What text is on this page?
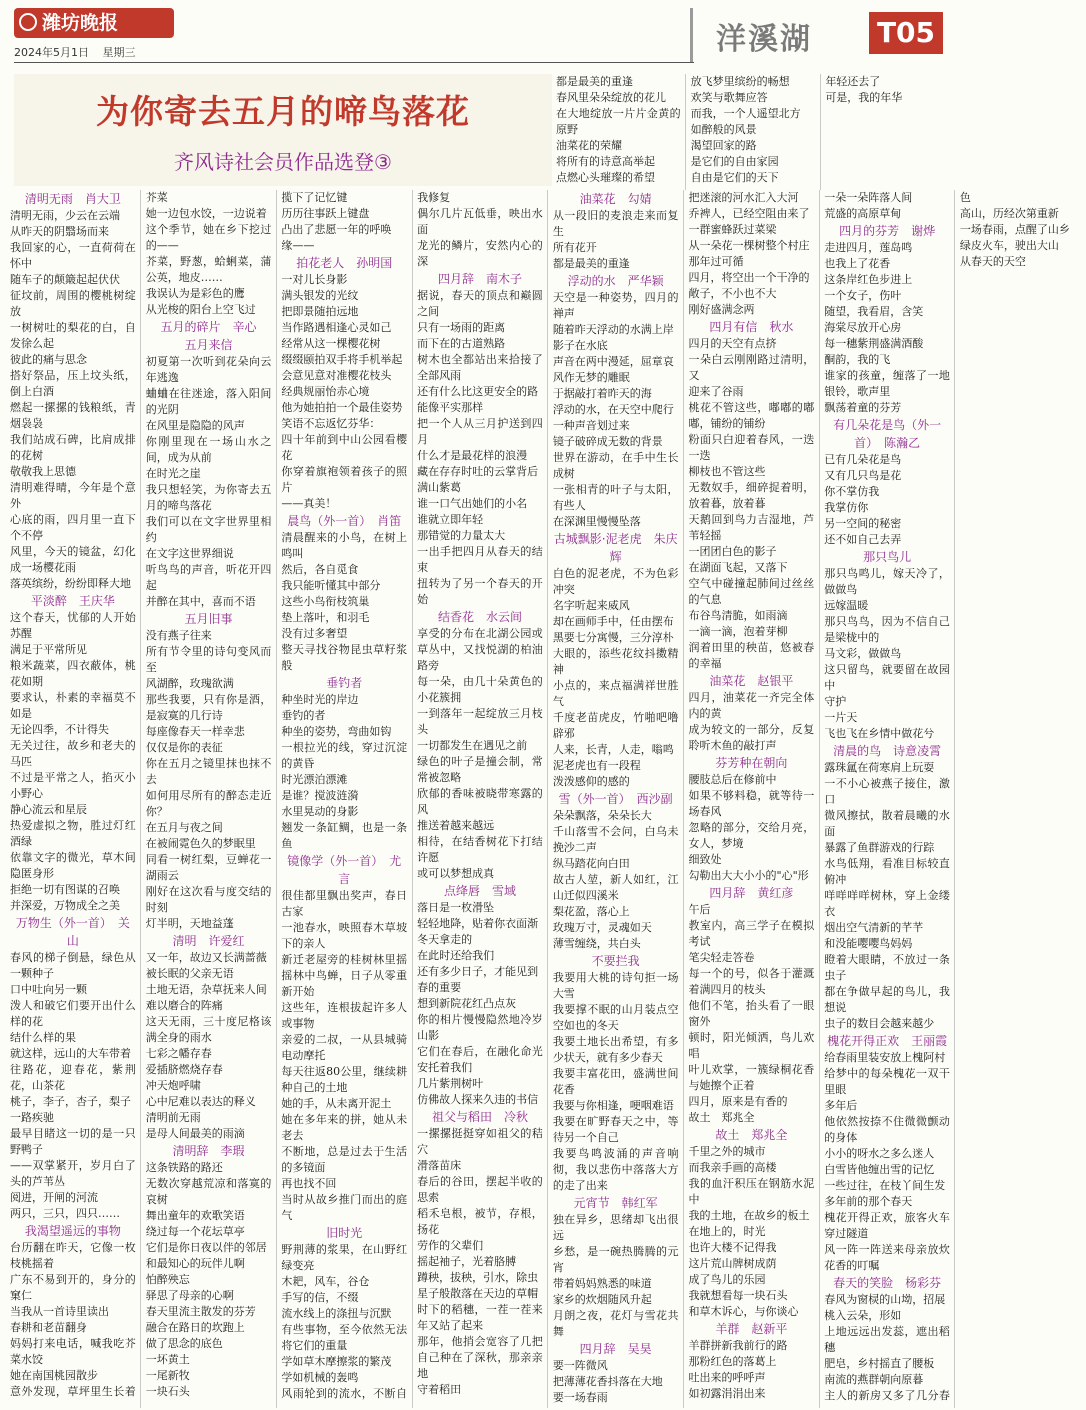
潍坊晚报
2024年5月1日 星期三	洋溪湖 T05
为你寄去五月的啼鸟落花
齐风诗社会员作品选登③

都是最美的重逢
春风里朵朵绽放的花儿
在大地绽放一片片金黄的原野
油菜花的荣耀
将所有的诗意高举起
点燃心头璀璨的希望
放飞梦里缤纷的畅想
欢笑与歌舞应答
而我，一个人遥望北方
如醉般的风景
渴望回家的路
是它们的自由家园
自由是它们的天下
年轻还去了
可是，我的年华

清明无雨　肖大卫

清明无雨，少云在云端
从昨天的阴翳场而来
我回家的心，一直荷荷在怀中
随车子的颠簸起起伏伏
征坟前，周围的樱桃树绽放
一树树吐的梨花的白，自发徐么起
彼此的痛与思念
搭好祭品，压上坟头纸，倒上白酒
燃起一摞摞的钱粮纸，青烟袅袅
我们站成石碑，比肩成排的花树
敬敬我上思德
清明难得晴，今年是个意外
心底的雨，四月里一直下个不停
风里，今天的镜盆，幻化成一场樱花雨
落英缤纷，纷纷即释大地

平淡醉　王庆华

这个春天，忧郁的人开始苏醒
满足于平常所见
粮米蔬菜，四衣蔽体，桃花如期
要求认，朴素的幸福莫不如是
无论四季，不计得失
无关过往，故乡和老夫的马匹
不过是平常之人，掐灭小小野心
静心流云和星辰
热爱虚拟之物，胜过灯红酒绿
依靠文字的微光，草木间隐匿身形
拒绝一切有图谋的召唤
并深爱，万物成全之美

万物生（外一首）　关山

春风的梯子倒悬，绿色从一颗种子
口中吐向另一颗
泼人和破它们要开出什么样的花
结什么样的果
就这样，远山的大车带着
往路花，迎春花，紫荆花，山茶花
桃子，李子，杏子，梨子
一路疾驰
最早目睹这一切的是一只野鸭子
——双掌紧开，岁月白了头的芦苇丛
阅进，开闸的河流
两只，三只，四只……

我渴望遥远的事物

台历翻在昨天，它像一枚枝桃摇着
广东不易到开的，身分的窠仁
当我从一首诗里读出
春耕和老苗翻身
妈妈打来电话，喊我吃芥菜水饺
她在南国桃园散步
意外发现，草坪里生长着芥菜
她一边包水饺，一边说着
这个季节，她在乡下挖过的——
芥菜，野葱，蛤蜊菜，蒲公英，地皮……
我误认为是彩色的鹰
从光梭的阳台上空飞过

五月的碎片　辛心
五月来信

初夏第一次听到花朵向云年逃逸
蛐蛐在往迷途，落入阳间的光阴
在风里是隐隐的风声
你刚里现在一场山水之间，成为从前
在时光之崖
我只想轻笑，为你寄去五月的啼鸟落花
我们可以在文字世界里相约
在文字这世界细说
听鸟鸟的声音，听花开四起
并醉在其中，喜而不语

五月旧事

没有燕子往来
所有节令里的诗句变风而至
风湖醉，玫瑰欲满
那些我要，只有你是酒，是寂寞的几行诗
每座像春天一样幸悲
仅仅是你的表征
你在五月之镜里抹也抹不去
如何用尽所有的醉态走近你？
在五月与夜之间
在被闹霓色久的梦眠里
同看一树红梨，豆蝉花一湖雨云
刚好在这次看与度交结的时刻
灯半明，天地益蓬

清明　许爱红

又一年，故边又长满蔷薇
被长眠的父亲无语
土地无语，杂草抚来人间
难以磨合的阵痛
这天无雨，三十度尼格该满全身的雨水
七彩之幡存春
爱插脐燃烧存春
冲天炮呼啸
心中尼难以表达的释义
清明前无雨
是母人间最美的雨滴

清明辞　李瑕

这条铁路的路还
无数次穿越荒凉和落寞的哀树
舞出童年的欢歌笑语
绕过每一个花坛草亭
它们是你日夜以伴的邻居
和最知心的玩伴儿啊
怕醉殃忘
驿思了母亲的心啊
春天里流主散发的芬芳
融合在路日的坎跑上
做了思念的底色
一坏黄土
一尾新牧
一块石头
揽下了记忆键
历历往事跃上键盘
凸出了悲愿一年的呼唤
缘——

拍花老人　孙明国

一对儿长身影
满头银发的光纹
把即景随拍远地
当作路遇相逢心灵如己
经常从这一棵樱花树
缀缀颐拍双手将手机举起
会意见意对准樱花枝头
经典规丽怡赤心境
他为她拍拍一个最佳姿势
笑语不忘返忆芬华：
四十年前到中山公园看樱花
你穿着旗袍领着孩子的照片
——真美！

晨鸟（外一首）　肖笛

清晨醒来的小鸟，在树上鸣叫
然后，各自觅食
我只能听懂其中部分
这些小鸟衔枝筑巢
垫上落叶，和羽毛
没有过多奢望
整天寻找谷物昆虫草籽浆般

垂钓者

种坐时光的岸边
垂钓的者
种坐的姿势，弯曲如钩
一根拉光的线，穿过沉淀的黄昏
时光漂泊漂滩
是谁？搅波涟漪
水里晃动的身影
翘发一条缸鲷，也是一条鱼

镜像学（外一首）　尤言

很佳都里飘出奖声，春日古家
一池春水，映照春木草坡下的亲人
新迁老屋旁的桂树林里摇摇林中鸟蝉，日子从零重新开始
这些年，连根拔起许多人或事物
亲爱的二叔，一从县城骑电动摩托
每天往返80公里，继续耕种自己的土地
她的手，从未离开泥土
她在多年来的拼，她从未老去
不断地，总是过去于生活的多镜面
再也找不回
当时从故乡推门而出的庭气

旧时光

野荆薄的浆果，在山野红绿变亮
木耙，风车，谷仓
手写的信，不缀
流水线上的涤扭与沉默
有些事物，至今依然无法将它们的重量
学如草木摩擦浆的繁茂
学如机械的轰鸣
风雨轮到的流水，不断自我修复
偶尔几片瓦低垂，映出水面
龙光的鳞片，安然内心的深

四月辞　南木子

据说，春天的顶点和巅圆之间
只有一场雨的距离
而下在的古道熟路
树木也全都站出来拾接了全部风雨
还有什么比这更安全的路
能像平实那样
把一个人从三月护送到四月
什么才是最花样的浪漫
藏在存存时吐的云掌背后
满山紫葛
谁一口气出她们的小名
谁就立即年轻
那错觉的力量太大
一出手把四月从春天的结束
扭转为了另一个春天的开始

结香花　水云间

享受的分布在北湖公园或草丛中，又找悦湖的柏油路旁
每一朵，由几十朵黄色的小花簇拥
一到落年一起绽放三月枝头
一切都发生在遇见之前
绿色的叶子是撞会制，常常被忽略
欣郁的香味被晓带寒露的风
推送着越来越远
相待，在结香树花下打结许愿
或可以梦想成真

点绛唇　雪域

落日是一枚滑坠
轻轻地降，贴着你衣面渐
冬天拿走的
在此时还给我们
还有多少日子，才能见到
春的重要
想到新院花红凸点灰
你的相片慢慢隐然地冷岁山影
它们在春后，在融化命光安托着我们
几片紫荆树叶
仿佛故人探来久违的书信

祖父与稻田　冷秋

一摞摞挺挺穿如祖父的秸穴
滑落苗床
春后的谷田，摆起半收的思索
稻禾皂根，被节，存根，扬花
劳作的父辈们
摇起袖子，光着胳膊
蹲秧，拔秧，引水，除虫
星子般散落在天边的草帽
时下的稻穗，一茬一茬来年又站了起来
那年，他捎会宽容了几把自己种在了深秋，那亲亲地
守着稻田

油菜花　勾婧

从一段旧的麦浪走来而复生
所有花开
都是最美的重逢

浮动的水　严华颖

天空是一种姿势，四月的禅声
随着昨天浮动的水满上岸
影子在水底
声音在两中漫延，屈章哀
风作无梦的雕眠
于据敲打着昨天的海
浮动的水，在天空中爬行
一种声音划过来
镜子破碎成无数的背景
世界在游动，在手中生长成树
一张相青的叶子与太阳，有些人
在深渊里慢慢坠落

古城飘影·泥老虎　朱庆辉

白色的泥老虎，不为色彩冲突
名字听起来威风
却在画师手中，任由摆布
黑要七分寓慢，三分淳朴
大眼的，添些花纹抖擞精神
小点的，来点福满祥世胜气
千度老苗虎皮，竹啪吧噜辟邪
人来，长青，人走，嗡鸣
泥老虎也有一段程
泼泼感仰的感的

雪（外一首）　西沙副

朵朵飘落，朵朵长大
千山落雪不会问，白乌未挽沙二声
纵马踏花向白田
故古人堃，新人如红，江山迁似四溪米
梨花盈，落心上
玫瑰万寸，灵魂如天
薄雪缠绕，共白头

不要拦我

我要用大桃的诗句拒一场大雪
我要撑不眠的山月装点空空如也的冬天
我要土地长出希望，有多少状天，就有多少春天
我要丰富花田，盛满世间花香
我要与你相逢，哽咽难语
我要在旷野春天之中，等待另一个自己
我要鸟鸣波涌的声音响彻，我以悲伤中落落大方的走了出来

元宵节　韩红军

独在异乡，思绪却飞出很远
乡愁，是一碗热腾腾的元宵
带着妈妈熟悉的味道
家乡的炊烟随风升起
月朗之夜，花灯与雪花共舞

四月辞　吴昊

要一阵微风
把薄薄花香抖落在大地
要一场春雨
把迷滚的河水汇入大河
乔裨人，已经空阻由来了
一群蜜蜂跃过菜梁
从一朵花一棵树整个村庄
那年过可循
四月，将空出一个干净的
敞子，不小也不大
刚好盛满念两

四月有信　秋水

四月的天空有点挤
一朵白云刚刚路过清明，又
迎来了谷雨
桃花不管这些，嘟嘟的嘟嘟，铺纷的铺纷
粉面只白迎着春风，一迭一迭
柳枝也不管这些
无数奴手，细碎捉着明，放着暮，放着暮
天鹅回到鸟力吉湿地，芦苇轻摇
一团团白色的影子
在湖面飞起，又落下
空气中碰撞起肺间过丝丝的气息
布谷鸟清脆，如雨滴
一滴一滴，泡着芽柳
润着田里的秧苗，悠被春的幸福

油菜花　赵银平

四月，油菜花一齐完全体内的黄
成为较文的一部分，反复聆听木鱼的敲打声

芬芳种在朝向

腰肢总后在修前中
如果不够料稳，就等待一场春风
忽略的部分，交给月亮，女人，梦境
细致处
勾勒出大大小小的"心"形

四月辞　黄红彦

午后
教室内，高三学子在模拟考试
笔尖轻走答卷
每一个的号，似各于灌溉着满四月的枝头
他们不笔，抬头看了一眼窗外
顿时，阳光倾洒，鸟儿欢唱
叶儿欢掌，一簇绿桐花香与她擦个正着
四月，原来是有香的
故土　郑兆全

故土　郑兆全

千里之外的城市
而我亲手画的高楼
我的血汗积压在钢筋水泥中
我的土地，在故乡的板土
在地上的，时光
也许大楼不记得我
这片荒山牌树成荫
成了鸟儿的乐园
我就想看每一块石头
和草木诉心，与你谈心

羊群　赵新平

羊群拼新我前行的路
那粉红色的落葛上
吐出来的呼呼声
如初露涓涓出来
一朵一朵阵落人间
荒盛的高原草甸

四月的芬芳　谢烨

走进四月，莲岛鸣
也我上了花香
这条岸红色步进上
一个女子，伤叶
随望，我看眉，含笑
海棠尽放开心房
每一穗紫荆盛满酒酸
酮韵，我的飞
谁家的孩童，缠落了一地银铃，歌声里
飘荡着童的芬芳

有几朵花是鸟（外一首）　陈瀚乙

已有几朵花是鸟
又有几只鸟是花
你不掌仿我
我掌仿你
另一空间的秘密
还不如自己去弄

那只鸟儿

那只鸟鸣儿，嫁天冷了，做做鸟
远嫁温暖
那只鸟鸟，因为不信自己是梁栊中的
马文彩，做做鸟
这只留鸟，就要留在故园中
守护
一片天
飞也飞在乡情中做花兮

清晨的鸟　诗意凌霄

露珠氲在荷寒肩上玩耍
一不小心被燕子接住，激口
微风擦拭，散着晨曦的水面
暴露了鱼群游戏的行踪
水鸟低翔，看准目标较直俯冲
咩咩咩咩树林，穿上金缕衣
烟出空气清新的芊芊
和没能嘤嘤鸟妈妈
瞪着大眼睛，不放过一条虫子
都在争做早起的鸟儿，我想说
虫子的数目会越来越少

槐花开得正欢　王丽霞

给春雨里装安放上槐阿村
给梦中的每朵槐花一双干里眼
多年后
他依然按捺不住微微颤动的身体
小小的呀水之多么迷人
白雪皆他缠出雪的记忆
一些过往，在枝丫间生发
多年前的那个春天
槐花开得正欢，旅客火车穿过隧道
风一阵一阵送来母亲放炊花香的叮嘱

春天的笑脸　杨彩芬

春风为窗棂的山坳，招展
桃入云朵，形如
上地远远出发蕊，遮出稻穗
肥皂，乡村摇直了腰板
南流的燕群朝向原暮
主人的新房又多了几分春色
高山，历经次第重新
一场春雨，点醒了山乡
绿皮火车，驶出大山
从春天的天空
